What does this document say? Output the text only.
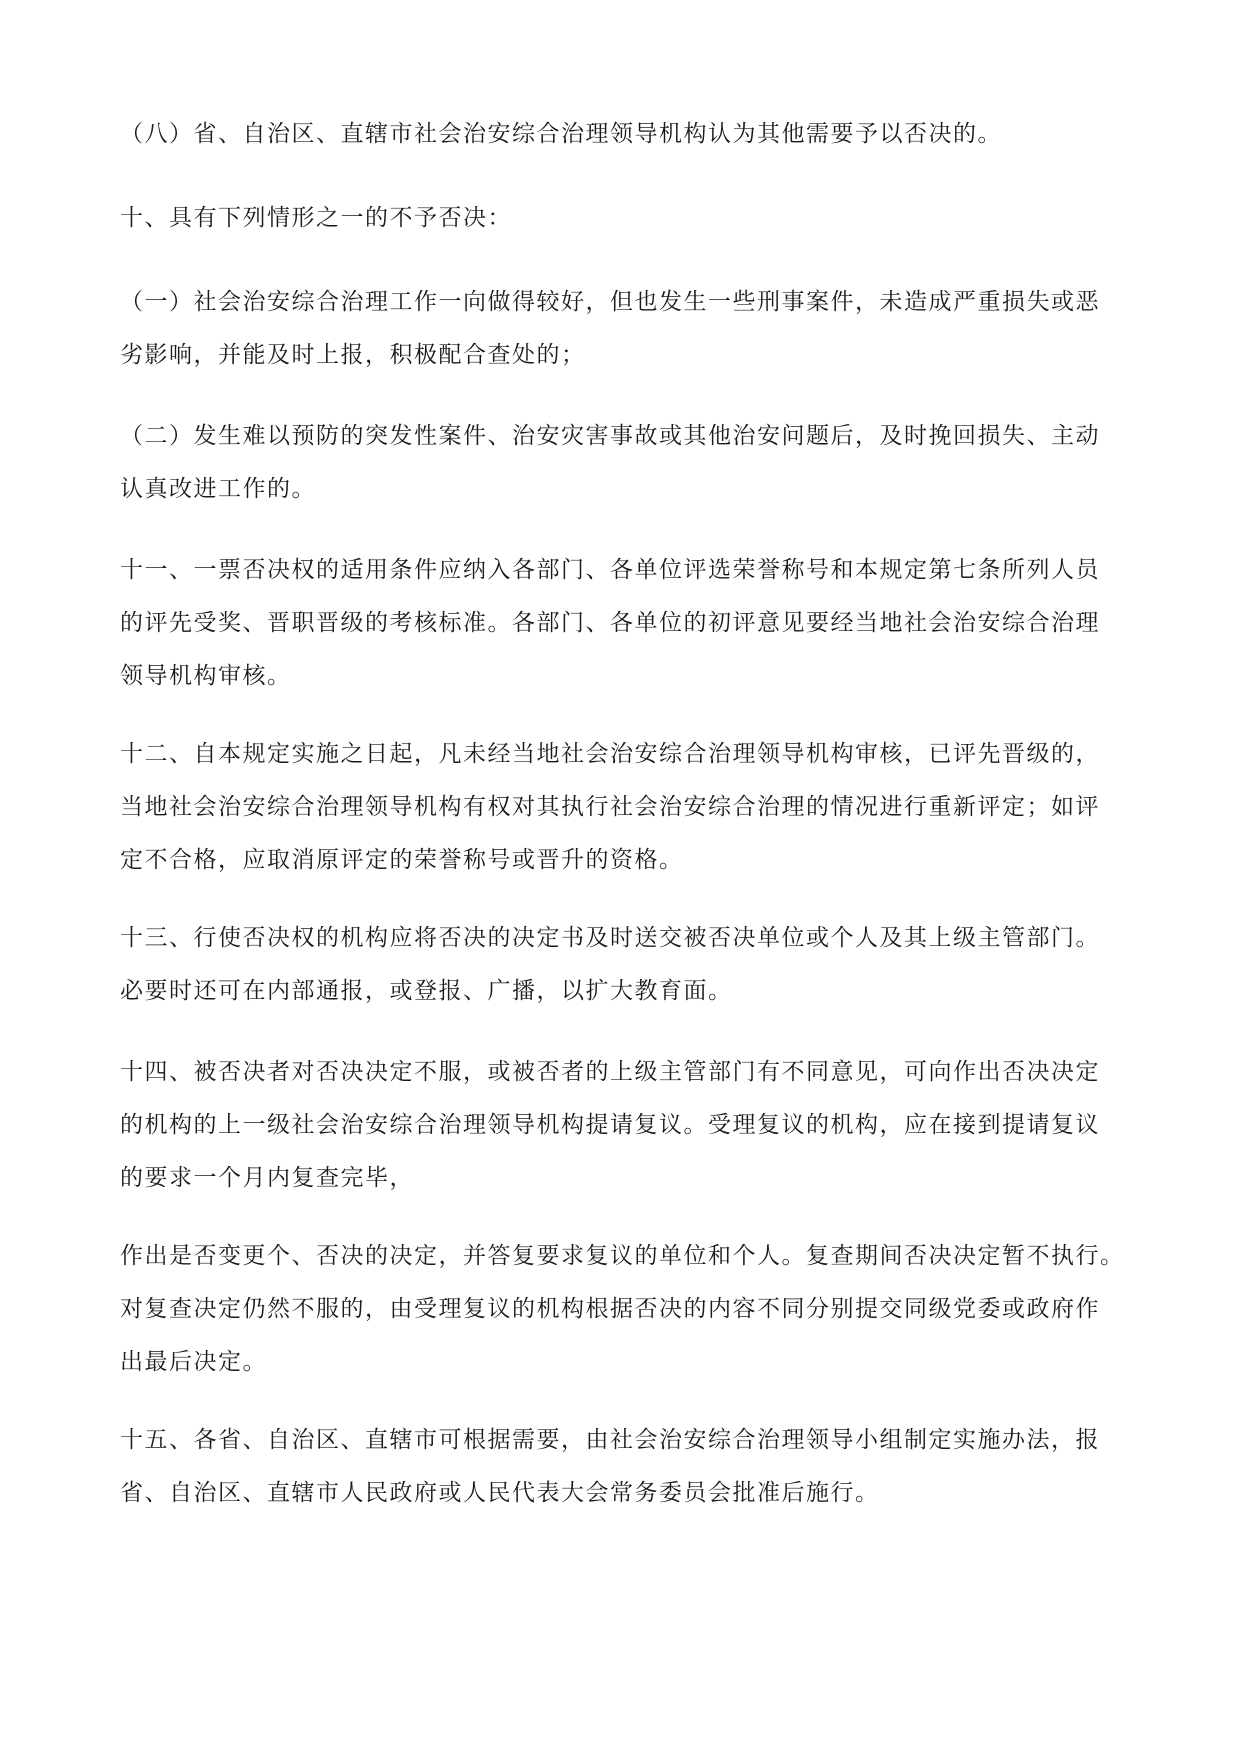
（八）省、自治区、直辖市社会治安综合治理领导机构认为其他需要予以否决的。

十、具有下列情形之一的不予否决：

（一）社会治安综合治理工作一向做得较好，但也发生一些刑事案件，未造成严重损失或恶
劣影响，并能及时上报，积极配合查处的；

（二）发生难以预防的突发性案件、治安灾害事故或其他治安问题后，及时挽回损失、主动
认真改进工作的。

十一、一票否决权的适用条件应纳入各部门、各单位评选荣誉称号和本规定第七条所列人员
的评先受奖、晋职晋级的考核标准。各部门、各单位的初评意见要经当地社会治安综合治理
领导机构审核。

十二、自本规定实施之日起，凡未经当地社会治安综合治理领导机构审核，已评先晋级的，
当地社会治安综合治理领导机构有权对其执行社会治安综合治理的情况进行重新评定；如评
定不合格，应取消原评定的荣誉称号或晋升的资格。

十三、行使否决权的机构应将否决的决定书及时送交被否决单位或个人及其上级主管部门。
必要时还可在内部通报，或登报、广播，以扩大教育面。

十四、被否决者对否决决定不服，或被否者的上级主管部门有不同意见，可向作出否决决定
的机构的上一级社会治安综合治理领导机构提请复议。受理复议的机构，应在接到提请复议
的要求一个月内复查完毕，

作出是否变更个、否决的决定，并答复要求复议的单位和个人。复查期间否决决定暂不执行。
对复查决定仍然不服的，由受理复议的机构根据否决的内容不同分别提交同级党委或政府作
出最后决定。

十五、各省、自治区、直辖市可根据需要，由社会治安综合治理领导小组制定实施办法，报
省、自治区、直辖市人民政府或人民代表大会常务委员会批准后施行。
